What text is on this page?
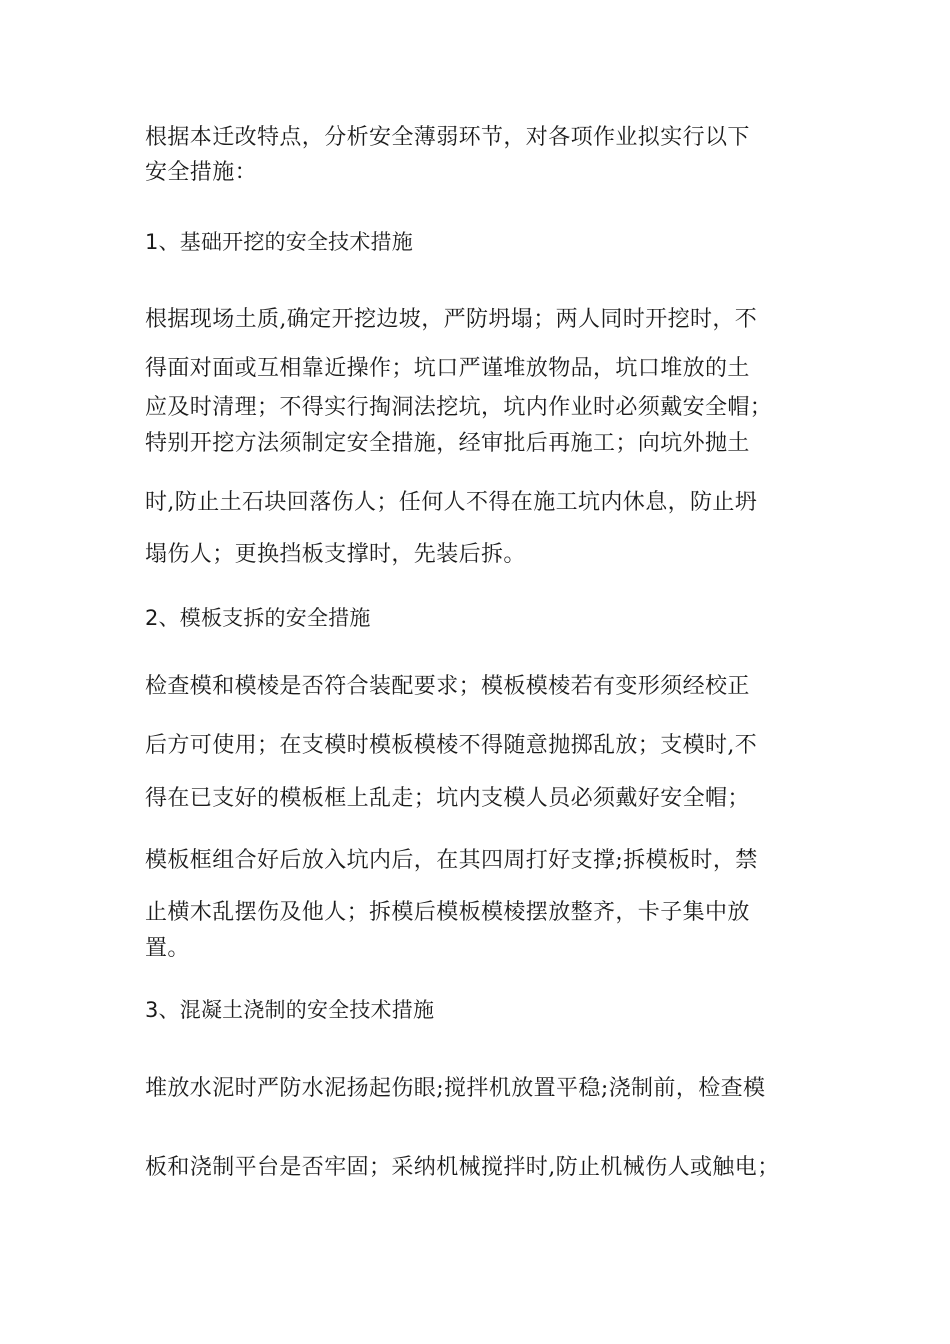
根据本迁改特点，分析安全薄弱环节，对各项作业拟实行以下

安全措施：

1、基础开挖的安全技术措施

根据现场土质,确定开挖边坡，严防坍塌；两人同时开挖时，不

得面对面或互相靠近操作；坑口严谨堆放物品，坑口堆放的土

应及时清理；不得实行掏洞法挖坑，坑内作业时必须戴安全帽；

特别开挖方法须制定安全措施，经审批后再施工；向坑外抛土

时,防止土石块回落伤人；任何人不得在施工坑内休息，防止坍

塌伤人；更换挡板支撑时，先装后拆。

2、模板支拆的安全措施

检查模和模棱是否符合装配要求；模板模棱若有变形须经校正

后方可使用；在支模时模板模棱不得随意抛掷乱放；支模时,不

得在已支好的模板框上乱走；坑内支模人员必须戴好安全帽；

模板框组合好后放入坑内后，在其四周打好支撑;拆模板时，禁

止横木乱摆伤及他人；拆模后模板模棱摆放整齐，卡子集中放

置。

3、混凝土浇制的安全技术措施

堆放水泥时严防水泥扬起伤眼;搅拌机放置平稳;浇制前，检查模

板和浇制平台是否牢固；采纳机械搅拌时,防止机械伤人或触电；
